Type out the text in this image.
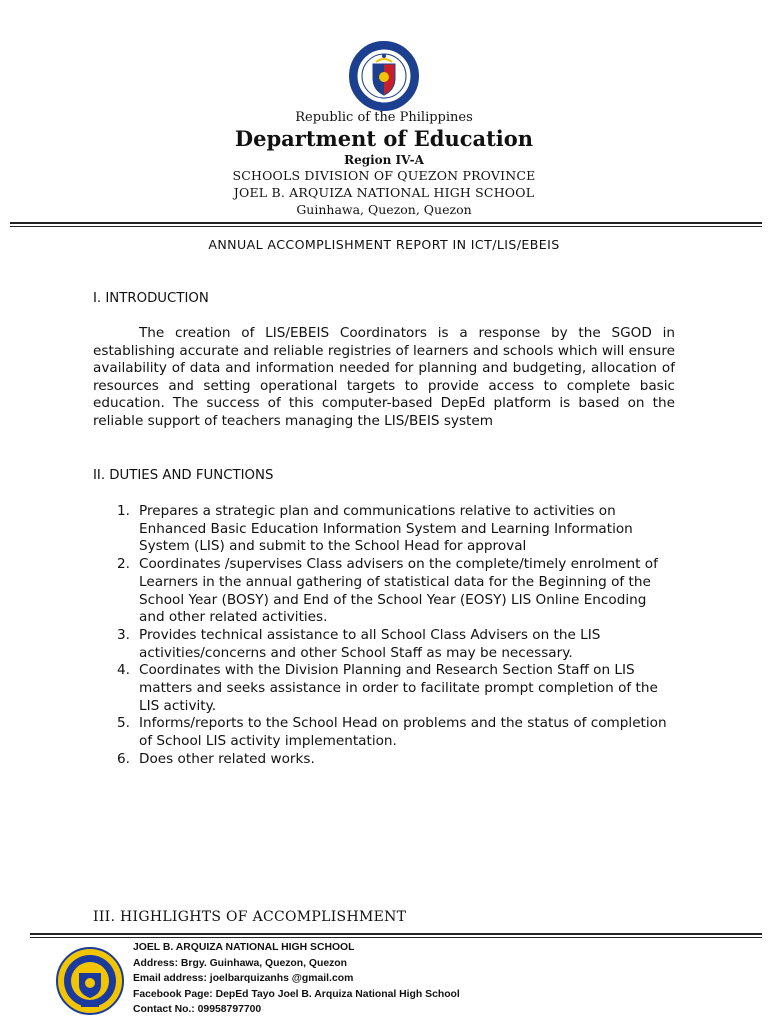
Republic of the Philippines
Department of Education
Region IV-A
SCHOOLS DIVISION OF QUEZON PROVINCE
JOEL B. ARQUIZA NATIONAL HIGH SCHOOL
Guinhawa, Quezon, Quezon
ANNUAL ACCOMPLISHMENT REPORT IN ICT/LIS/EBEIS
I. INTRODUCTION

The creation of LIS/EBEIS Coordinators is a response by the SGOD in establishing accurate and reliable registries of learners and schools which will ensure availability of data and information needed for planning and budgeting, allocation of resources and setting operational targets to provide access to complete basic education. The success of this computer-based DepEd platform is based on the reliable support of teachers managing the LIS/BEIS system

II. DUTIES AND FUNCTIONS
1. Prepares a strategic plan and communications relative to activities on Enhanced Basic Education Information System and Learning Information System (LIS) and submit to the School Head for approval
2. Coordinates /supervises Class advisers on the complete/timely enrolment of Learners in the annual gathering of statistical data for the Beginning of the School Year (BOSY) and End of the School Year (EOSY) LIS Online Encoding and other related activities.
3. Provides technical assistance to all School Class Advisers on the LIS activities/concerns and other School Staff as may be necessary.
4. Coordinates with the Division Planning and Research Section Staff on LIS matters and seeks assistance in order to facilitate prompt completion of the LIS activity.
5. Informs/reports to the School Head on problems and the status of completion of School LIS activity implementation.
6. Does other related works.
III. HIGHLIGHTS OF ACCOMPLISHMENT
JOEL B. ARQUIZA NATIONAL HIGH SCHOOL
Address: Brgy. Guinhawa, Quezon, Quezon
Email address: joelbarquizanhs @gmail.com
Facebook Page: DepEd Tayo Joel B. Arquiza National High School
Contact No.: 09958797700
